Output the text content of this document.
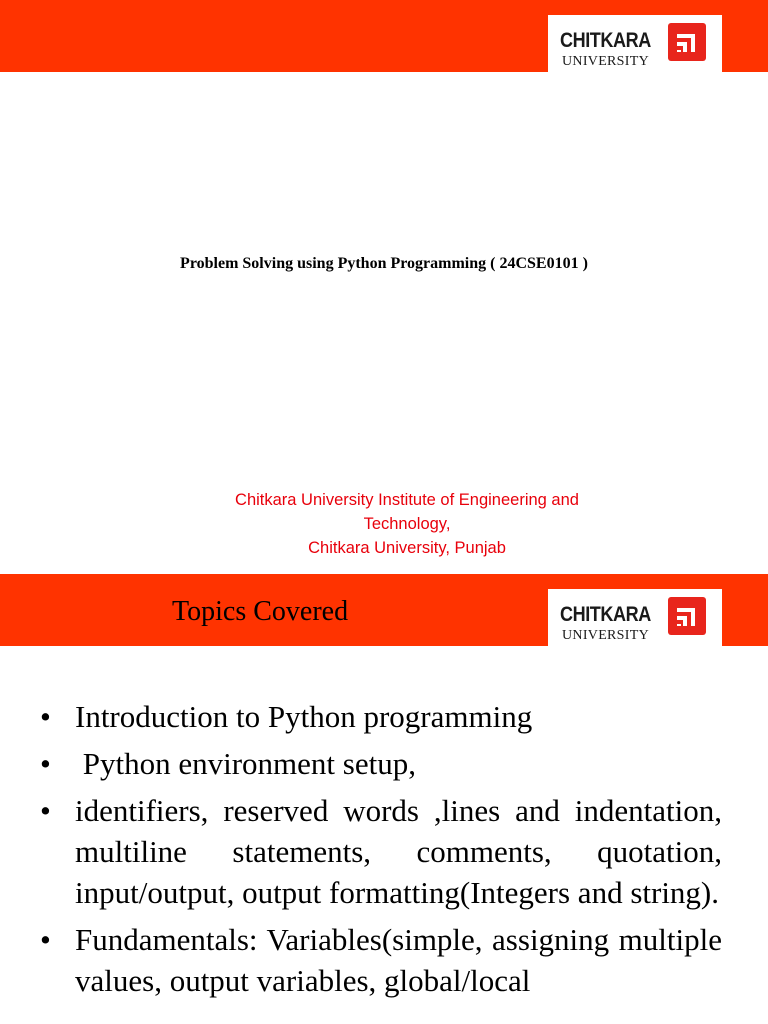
CHITKARA
UNIVERSITY
Problem Solving using Python Programming ( 24CSE0101 )
Chitkara University Institute of Engineering and
Technology,
Chitkara University, Punjab
Topics Covered	CHITKARA
UNIVERSITY
• Introduction to Python programming
•  Python environment setup,
• identifiers, reserved words ,lines and indentation, multiline statements, comments, quotation, input/output, output formatting(Integers and string).
• Fundamentals: Variables(simple, assigning multiple values, output variables, global/local
